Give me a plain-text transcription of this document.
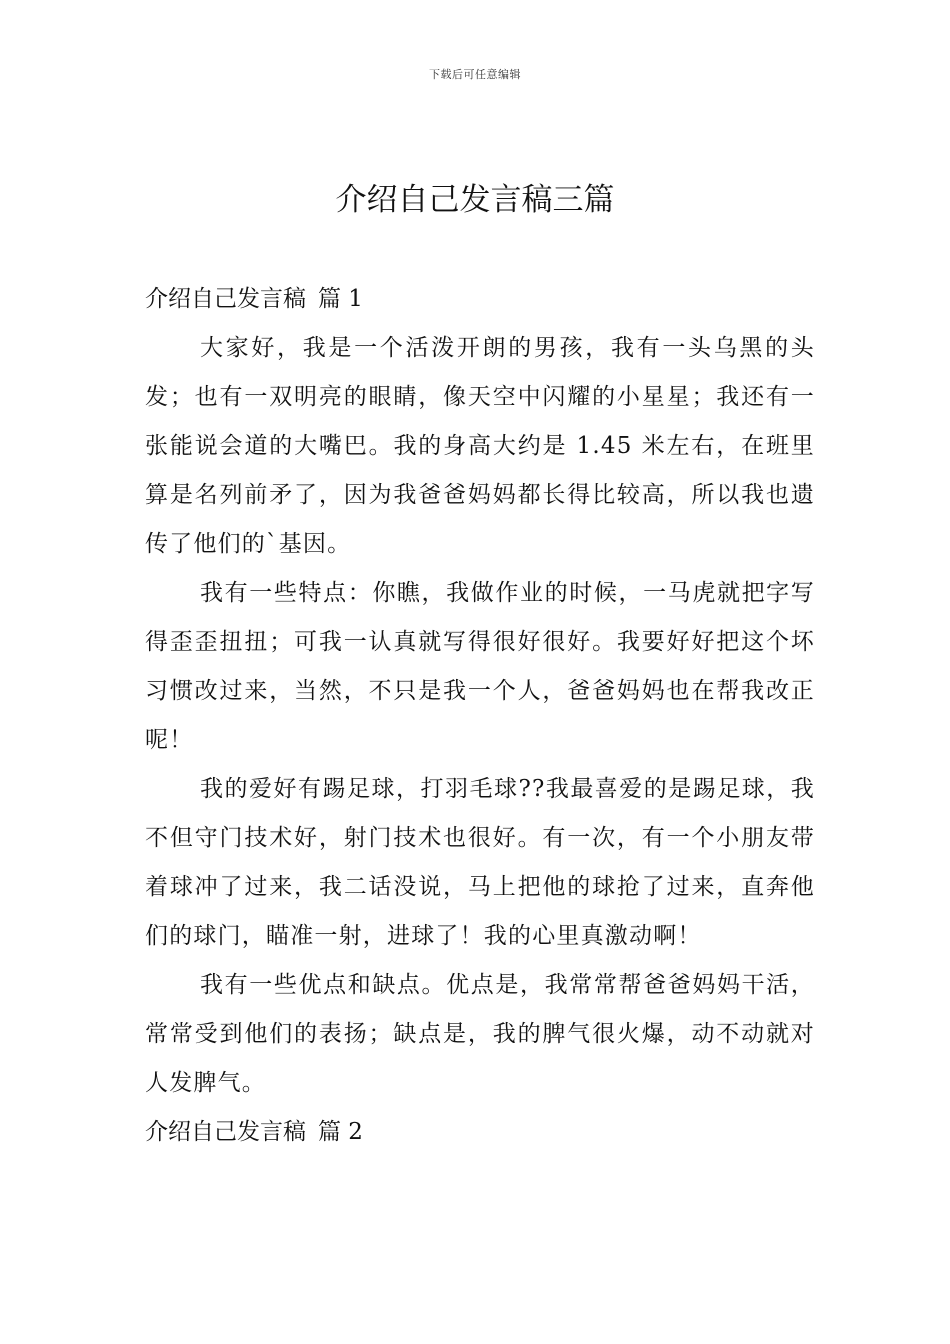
下载后可任意编辑
介绍自己发言稿三篇

介绍自己发言稿 篇 1

大家好，我是一个活泼开朗的男孩，我有一头乌黑的头发；也有一双明亮的眼睛，像天空中闪耀的小星星；我还有一张能说会道的大嘴巴。我的身高大约是 1.45 米左右，在班里算是名列前矛了，因为我爸爸妈妈都长得比较高，所以我也遗传了他们的`基因。

我有一些特点：你瞧，我做作业的时候，一马虎就把字写得歪歪扭扭；可我一认真就写得很好很好。我要好好把这个坏习惯改过来，当然，不只是我一个人，爸爸妈妈也在帮我改正呢！

我的爱好有踢足球，打羽毛球??我最喜爱的是踢足球，我不但守门技术好，射门技术也很好。有一次，有一个小朋友带着球冲了过来，我二话没说，马上把他的球抢了过来，直奔他们的球门，瞄准一射，进球了！我的心里真激动啊！

我有一些优点和缺点。优点是，我常常帮爸爸妈妈干活，常常受到他们的表扬；缺点是，我的脾气很火爆，动不动就对人发脾气。

介绍自己发言稿 篇 2
